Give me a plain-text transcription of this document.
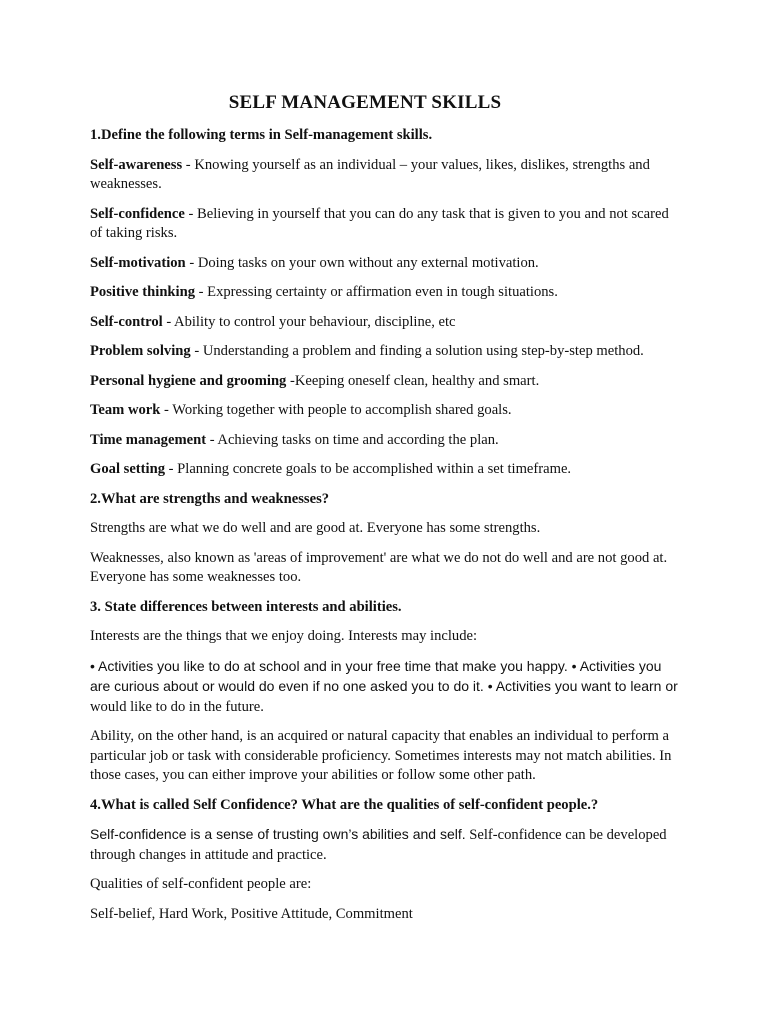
SELF MANAGEMENT SKILLS

1.Define the following terms in Self-management skills.

Self-awareness - Knowing yourself as an individual – your values, likes, dislikes, strengths and weaknesses.

Self-confidence - Believing in yourself that you can do any task that is given to you and not scared of taking risks.

Self-motivation - Doing tasks on your own without any external motivation.

Positive thinking - Expressing certainty or affirmation even in tough situations.

Self-control - Ability to control your behaviour, discipline, etc

Problem solving - Understanding a problem and finding a solution using step-by-step method.

Personal hygiene and grooming -Keeping oneself clean, healthy and smart.

Team work - Working together with people to accomplish shared goals.

Time management - Achieving tasks on time and according the plan.

Goal setting - Planning concrete goals to be accomplished within a set timeframe.

2.What are strengths and weaknesses?

Strengths are what we do well and are good at. Everyone has some strengths.

Weaknesses, also known as 'areas of improvement' are what we do not do well and are not good at. Everyone has some weaknesses too.

3. State differences between interests and abilities.

Interests are the things that we enjoy doing. Interests may include:

• Activities you like to do at school and in your free time that make you happy. • Activities you are curious about or would do even if no one asked you to do it. • Activities you want to learn or would like to do in the future.

Ability, on the other hand, is an acquired or natural capacity that enables an individual to perform a particular job or task with considerable proficiency. Sometimes interests may not match abilities. In those cases, you can either improve your abilities or follow some other path.

4.What is called Self Confidence? What are the qualities of self-confident people.?

Self-confidence is a sense of trusting own’s abilities and self. Self-confidence can be developed through changes in attitude and practice.

Qualities of self-confident people are:

Self-belief, Hard Work, Positive Attitude, Commitment
